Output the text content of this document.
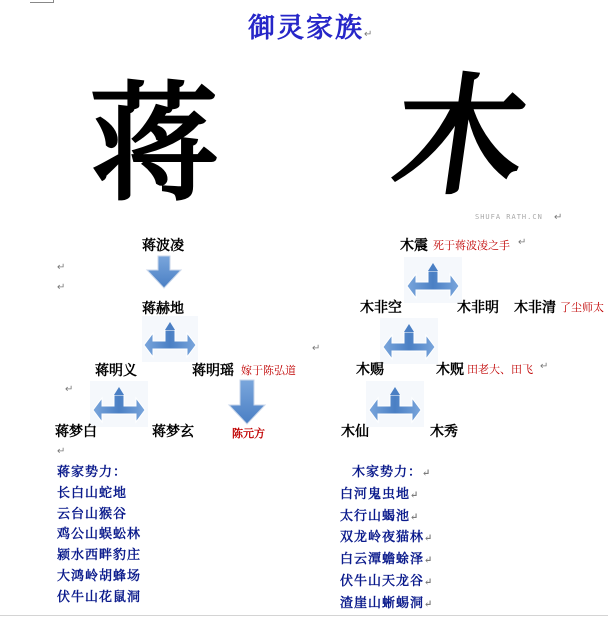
御灵家族↵
蒋 木
SHUFA RATH.CN ↵
蒋波凌
↵
↵
蒋赫地
蒋明义	蒋明瑶 嫁于陈弘道
↵
↵
蒋梦白	蒋梦玄	陈元方
↵
木震 死于蒋波凌之手 ↵
木非空	木非明 木非清 了尘师太
木赐	木贶 田老大、田飞 ↵
木仙	木秀
蒋家势力：
长白山蛇地
云台山猴谷
鸡公山蜈蚣林
颍水西畔豹庄
大鸿岭胡蜂场
伏牛山花鼠洞
木家势力：↵
白河鬼虫地↵
太行山蝎池↵
双龙岭夜猫林↵
白云潭蟾蜍泽↵
伏牛山天龙谷↵
渣崖山蜥蜴洞↵
